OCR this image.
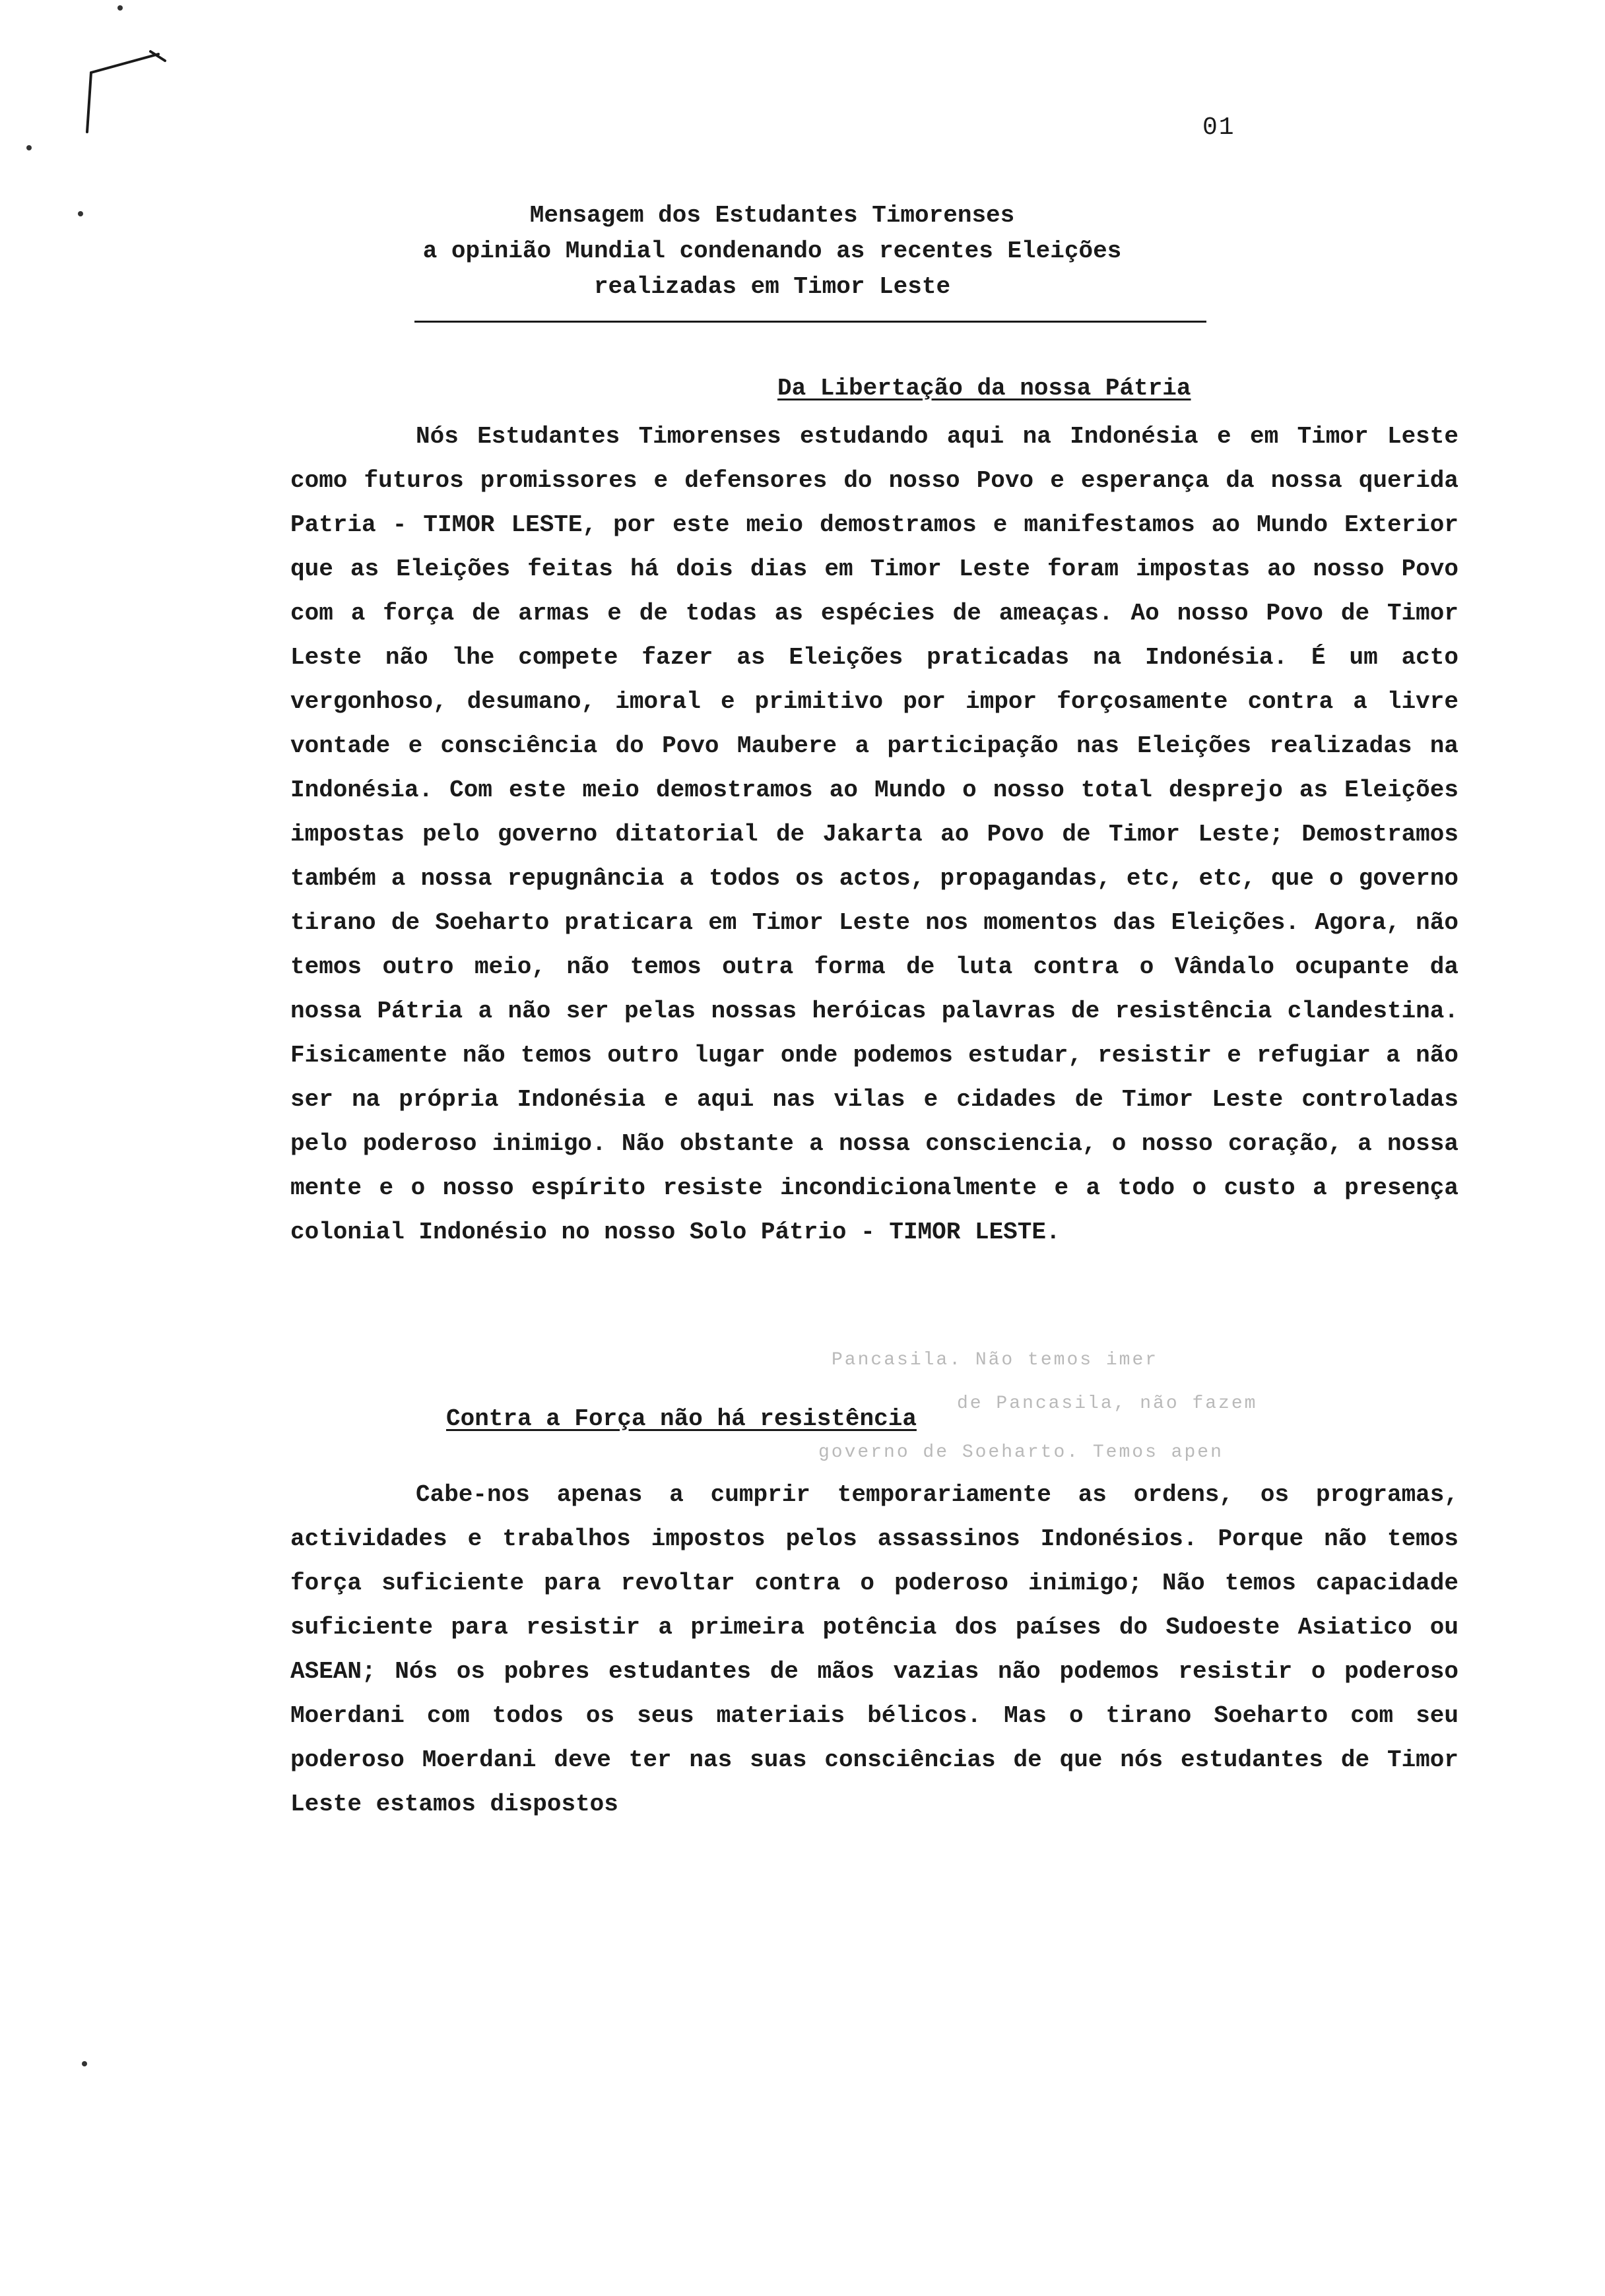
01
Mensagem dos Estudantes Timorenses
a opinião Mundial condenando as recentes Eleições
realizadas em Timor Leste
Da Libertação da nossa Pátria

Nós Estudantes Timorenses estudando aqui na Indonésia e em Timor Leste como futuros promissores e defensores do nosso Povo e esperança da nossa querida Patria - TIMOR LESTE, por este meio demostramos e manifestamos ao Mundo Exterior que as Eleições feitas há dois dias em Timor Leste foram impostas ao nosso Povo com a força de armas e de todas as espécies de ameaças. Ao nosso Povo de Timor Leste não lhe compete fazer as Eleições praticadas na Indonésia. É um acto vergonhoso, desumano, imoral e primitivo por impor forçosamente contra a livre vontade e consciência do Povo Maubere a participação nas Eleições realizadas na Indonésia. Com este meio demostramos ao Mundo o nosso total desprejo as Eleições impostas pelo governo ditatorial de Jakarta ao Povo de Timor Leste; Demostramos também a nossa repugnância a todos os actos, propagandas, etc, etc, que o governo tirano de Soeharto praticara em Timor Leste nos momentos das Eleições. Agora, não temos outro meio, não temos outra forma de luta contra o Vândalo ocupante da nossa Pátria a não ser pelas nossas heróicas palavras de resistência clandestina. Fisicamente não temos outro lugar onde podemos estudar, resistir e refugiar a não ser na própria Indonésia e aqui nas vilas e cidades de Timor Leste controladas pelo poderoso inimigo. Não obstante a nossa consciencia, o nosso coração, a nossa mente e o nosso espírito resiste incondicionalmente e a todo o custo a presença colonial Indonésio no nosso Solo Pátrio - TIMOR LESTE.

Pancasila. Não temos imer
de Pancasila, não fazem
governo de Soeharto. Temos apen
Contra a Força não há resistência

Cabe-nos apenas a cumprir temporariamente as ordens, os programas, actividades e trabalhos impostos pelos assassinos Indonésios. Porque não temos força suficiente para revoltar contra o poderoso inimigo; Não temos capacidade suficiente para resistir a primeira potência dos países do Sudoeste Asiatico ou ASEAN; Nós os pobres estudantes de mãos vazias não podemos resistir o poderoso Moerdani com todos os seus materiais bélicos. Mas o tirano Soeharto com seu poderoso Moerdani deve ter nas suas consciências de que nós estudantes de Timor Leste estamos dispostos
